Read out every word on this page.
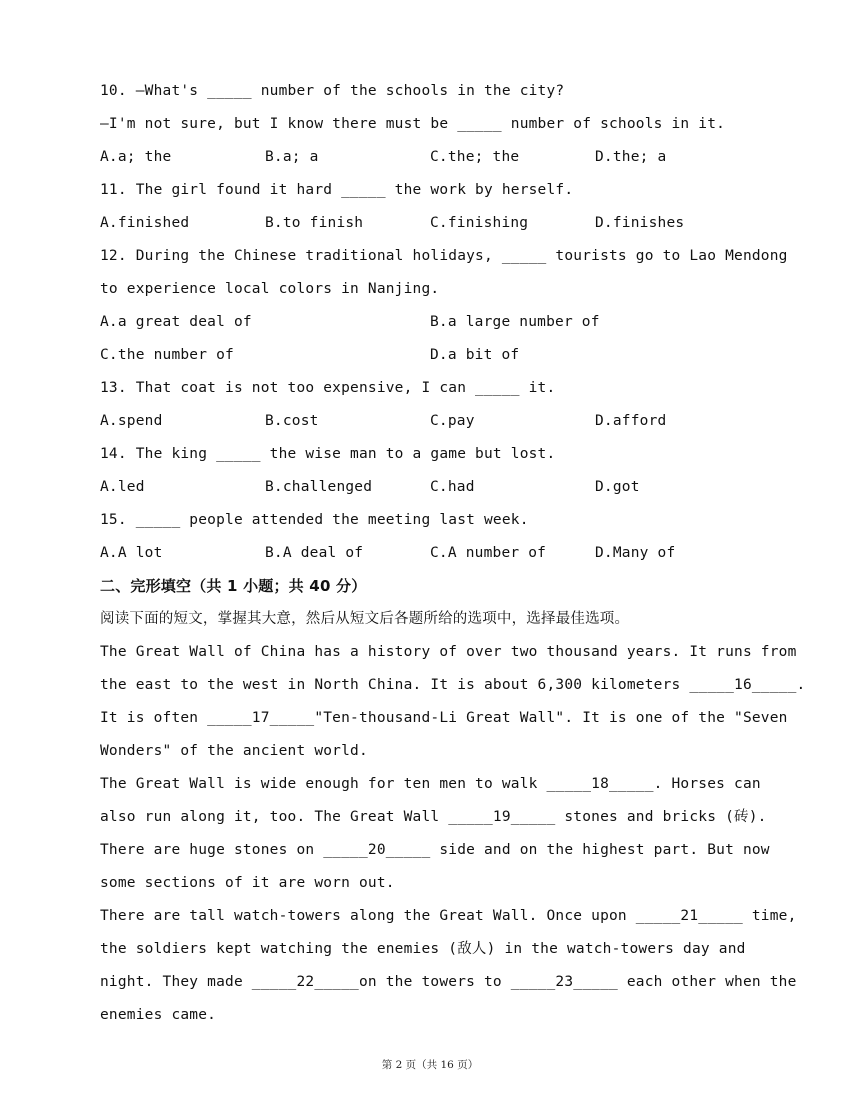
10. —What's _____ number of the schools in the city?
—I'm not sure, but I know there must be _____ number of schools in it.
A.a; the	B.a; a	C.the; the	D.the; a
11. The girl found it hard _____ the work by herself.
A.finished	B.to finish	C.finishing	D.finishes
12. During the Chinese traditional holidays, _____ tourists go to Lao Mendong
to experience local colors in Nanjing.
A.a great deal of	B.a large number of
C.the number of	D.a bit of
13. That coat is not too expensive, I can _____ it.
A.spend	B.cost	C.pay	D.afford
14. The king _____ the wise man to a game but lost.
A.led	B.challenged	C.had	D.got
15. _____ people attended the meeting last week.
A.A lot	B.A deal of	C.A number of	D.Many of
二、完形填空（共 1 小题；共 40 分）
阅读下面的短文，掌握其大意，然后从短文后各题所给的选项中，选择最佳选项。
The Great Wall of China has a history of over two thousand years. It runs from
the east to the west in North China. It is about 6,300 kilometers _____16_____.
It is often _____17_____"Ten-thousand-Li Great Wall". It is one of the "Seven
Wonders" of the ancient world.
The Great Wall is wide enough for ten men to walk _____18_____. Horses can
also run along it, too. The Great Wall _____19_____ stones and bricks (砖).
There are huge stones on _____20_____ side and on the highest part. But now
some sections of it are worn out.
There are tall watch-towers along the Great Wall. Once upon _____21_____ time,
the soldiers kept watching the enemies (敌人) in the watch-towers day and
night. They made _____22_____on the towers to _____23_____ each other when the
enemies came.
第 2 页（共 16 页）
